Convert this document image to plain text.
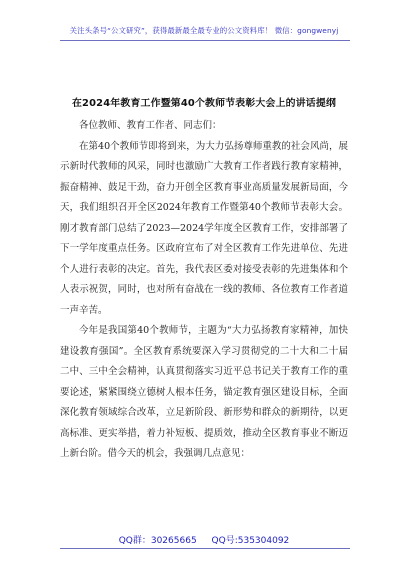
关注头条号“公文研究”，获得最新最全最专业的公文资料库！ 微信：gongwenyj
在2024年教育工作暨第40个教师节表彰大会上的讲话提纲

各位教师、教育工作者、同志们：

在第40个教师节即将到来，为大力弘扬尊师重教的社会风尚，展示新时代教师的风采，同时也激励广大教育工作者践行教育家精神，振奋精神、鼓足干劲，奋力开创全区教育事业高质量发展新局面，今天，我们组织召开全区2024年教育工作暨第40个教师节表彰大会。刚才教育部门总结了2023—2024学年度全区教育工作，安排部署了下一学年度重点任务。区政府宣布了对全区教育工作先进单位、先进个人进行表彰的决定。首先，我代表区委对接受表彰的先进集体和个人表示祝贺，同时，也对所有奋战在一线的教师、各位教育工作者道一声辛苦。

今年是我国第40个教师节，主题为“大力弘扬教育家精神，加快建设教育强国”。全区教育系统要深入学习贯彻党的二十大和二十届二中、三中全会精神，认真贯彻落实习近平总书记关于教育工作的重要论述，紧紧围绕立德树人根本任务，锚定教育强区建设目标，全面深化教育领域综合改革，立足新阶段、新形势和群众的新期待，以更高标准、更实举措，着力补短板、提质效，推动全区教育事业不断迈上新台阶。借今天的机会，我强调几点意见：

QQ群：30265665 QQ号:535304092
